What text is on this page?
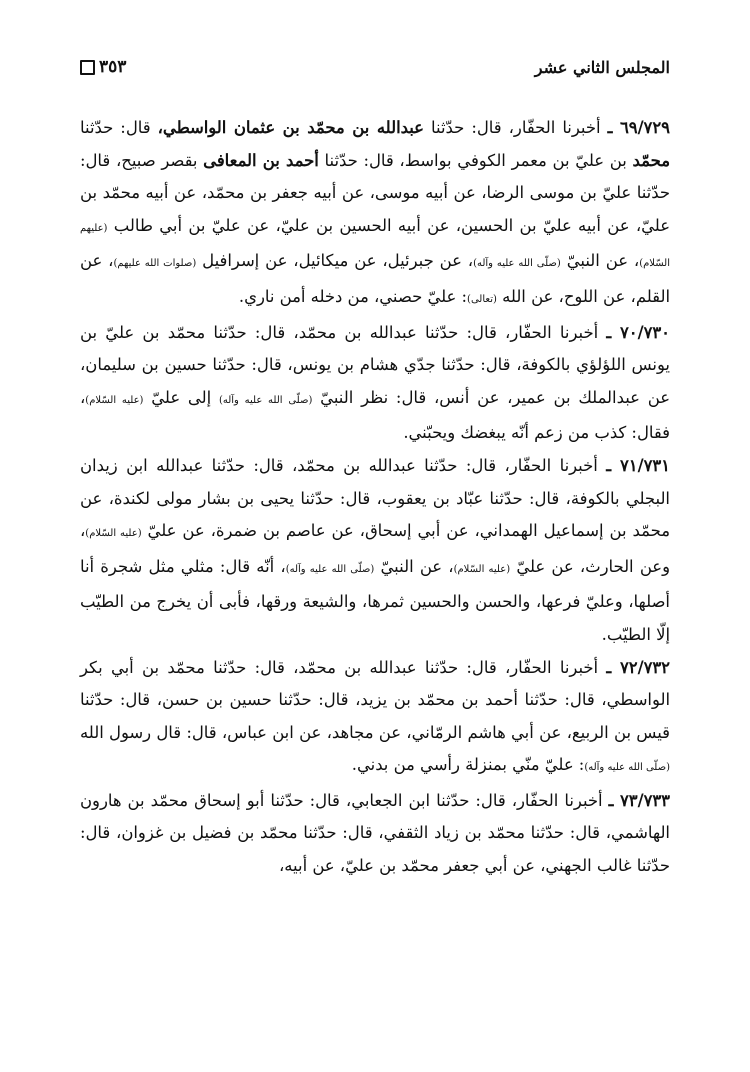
المجلس الثاني عشر
٣٥٣

٦٩/٧٢٩ ـ أخبرنا الحفّار، قال: حدّثنا عبدالله بن محمّد بن عثمان الواسطي، قال: حدّثنا محمّد بن عليّ بن معمر الكوفي بواسط، قال: حدّثنا أحمد بن المعافى بقصر صبيح، قال: حدّثنا عليّ بن موسى الرضا، عن أبيه موسى، عن أبيه جعفر بن محمّد، عن أبيه محمّد بن عليّ، عن أبيه عليّ بن الحسين، عن أبيه الحسين بن عليّ، عن عليّ بن أبي طالب (عليهم السّلام)، عن النبيّ (صلّى الله عليه وآله)، عن جبرئيل، عن ميكائيل، عن إسرافيل (صلوات الله عليهم)، عن القلم، عن اللوح، عن الله (تعالى): عليّ حصني، من دخله أمن ناري.

٧٠/٧٣٠ ـ أخبرنا الحفّار، قال: حدّثنا عبدالله بن محمّد، قال: حدّثنا محمّد بن عليّ بن يونس اللؤلؤي بالكوفة، قال: حدّثنا جدّي هشام بن يونس، قال: حدّثنا حسين بن سليمان، عن عبدالملك بن عمير، عن أنس، قال: نظر النبيّ (صلّى الله عليه وآله) إلى عليّ (عليه السّلام)، فقال: كذب من زعم أنّه يبغضك ويحبّني.

٧١/٧٣١ ـ أخبرنا الحفّار، قال: حدّثنا عبدالله بن محمّد، قال: حدّثنا عبدالله ابن زيدان البجلي بالكوفة، قال: حدّثنا عبّاد بن يعقوب، قال: حدّثنا يحيى بن بشار مولى لكندة، عن محمّد بن إسماعيل الهمداني، عن أبي إسحاق، عن عاصم بن ضمرة، عن عليّ (عليه السّلام)، وعن الحارث، عن عليّ (عليه السّلام)، عن النبيّ (صلّى الله عليه وآله)، أنّه قال: مثلي مثل شجرة أنا أصلها، وعليّ فرعها، والحسن والحسين ثمرها، والشيعة ورقها، فأبى أن يخرج من الطيّب إلّا الطيّب.

٧٢/٧٣٢ ـ أخبرنا الحفّار، قال: حدّثنا عبدالله بن محمّد، قال: حدّثنا محمّد بن أبي بكر الواسطي، قال: حدّثنا أحمد بن محمّد بن يزيد، قال: حدّثنا حسين بن حسن، قال: حدّثنا قيس بن الربيع، عن أبي هاشم الرمّاني، عن مجاهد، عن ابن عباس، قال: قال رسول الله (صلّى الله عليه وآله): عليّ منّي بمنزلة رأسي من بدني.

٧٣/٧٣٣ ـ أخبرنا الحفّار، قال: حدّثنا ابن الجعابي، قال: حدّثنا أبو إسحاق محمّد بن هارون الهاشمي، قال: حدّثنا محمّد بن زياد الثقفي، قال: حدّثنا محمّد بن فضيل بن غزوان، قال: حدّثنا غالب الجهني، عن أبي جعفر محمّد بن عليّ، عن أبيه،
